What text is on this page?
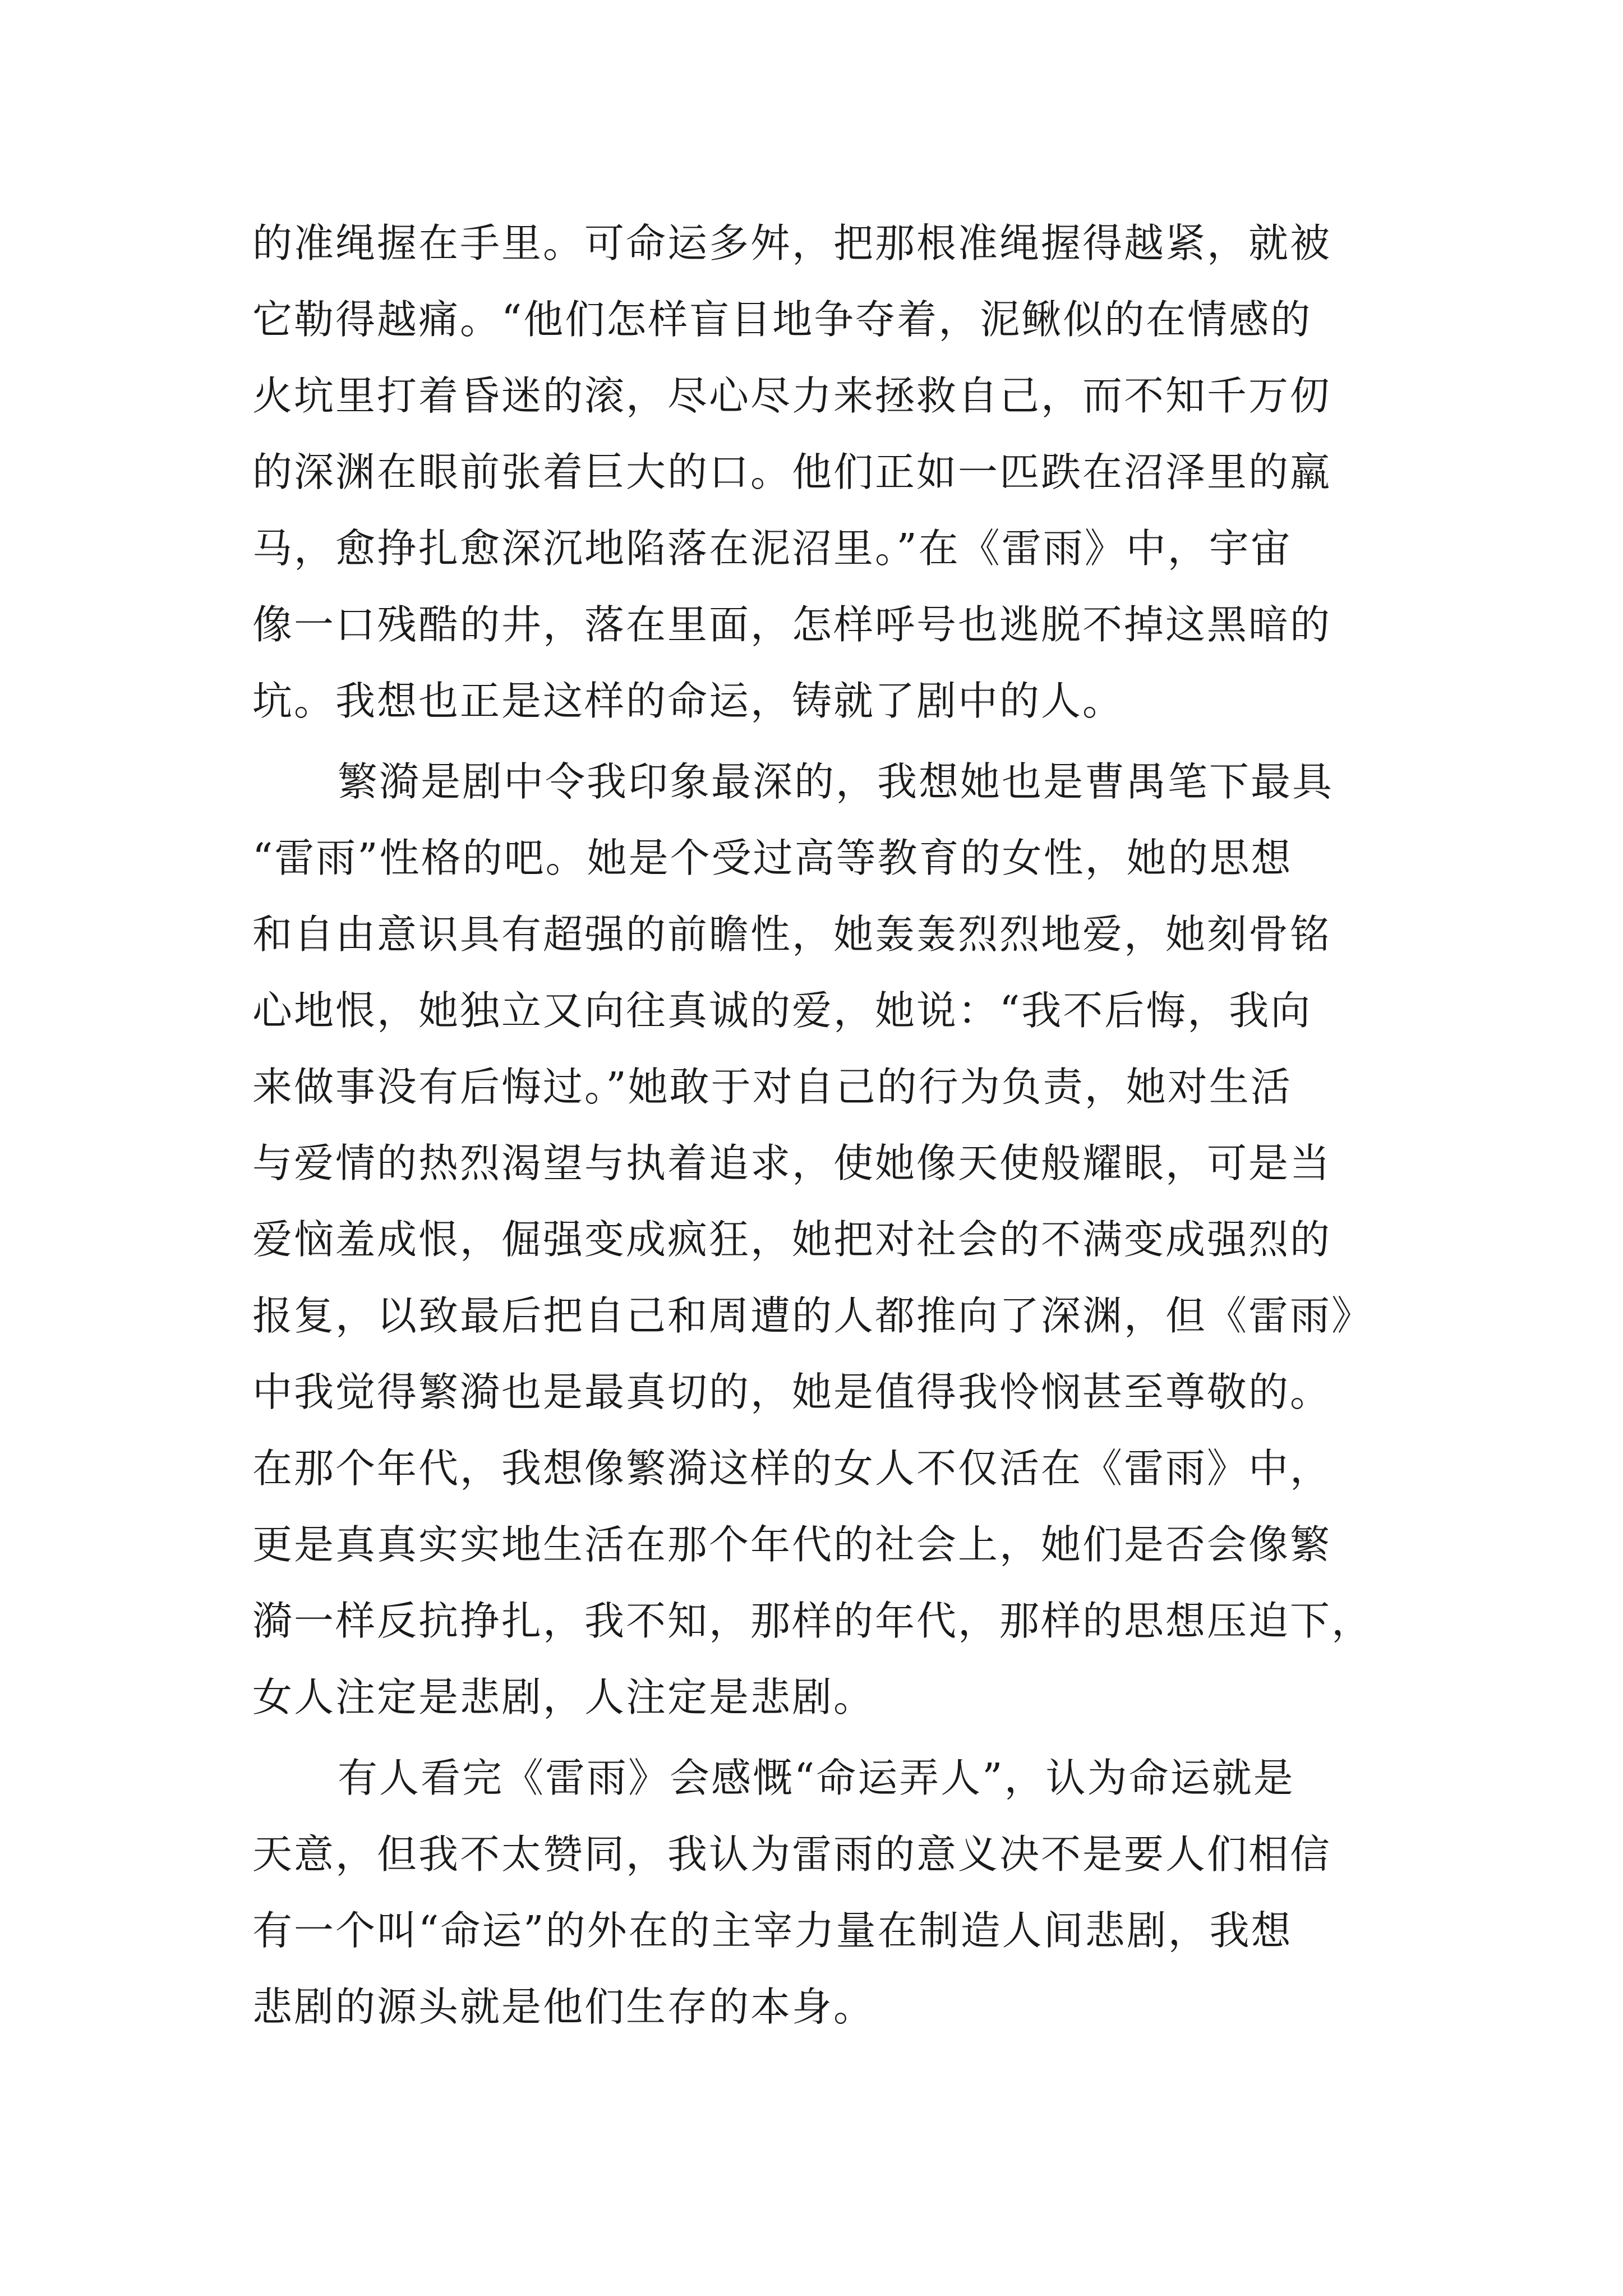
的准绳握在手里。可命运多舛，把那根准绳握得越紧，就被
它勒得越痛。“他们怎样盲目地争夺着，泥鳅似的在情感的
火坑里打着昏迷的滚，尽心尽力来拯救自己，而不知千万仞
的深渊在眼前张着巨大的口。他们正如一匹跌在沼泽里的羸
马，愈挣扎愈深沉地陷落在泥沼里。”在《雷雨》中，宇宙
像一口残酷的井，落在里面，怎样呼号也逃脱不掉这黑暗的
坑。我想也正是这样的命运，铸就了剧中的人。
繁漪是剧中令我印象最深的，我想她也是曹禺笔下最具
“雷雨”性格的吧。她是个受过高等教育的女性，她的思想
和自由意识具有超强的前瞻性，她轰轰烈烈地爱，她刻骨铭
心地恨，她独立又向往真诚的爱，她说：“我不后悔，我向
来做事没有后悔过。”她敢于对自己的行为负责，她对生活
与爱情的热烈渴望与执着追求，使她像天使般耀眼，可是当
爱恼羞成恨，倔强变成疯狂，她把对社会的不满变成强烈的
报复，以致最后把自己和周遭的人都推向了深渊，但《雷雨》
中我觉得繁漪也是最真切的，她是值得我怜悯甚至尊敬的。
在那个年代，我想像繁漪这样的女人不仅活在《雷雨》中，
更是真真实实地生活在那个年代的社会上，她们是否会像繁
漪一样反抗挣扎，我不知，那样的年代，那样的思想压迫下，
女人注定是悲剧，人注定是悲剧。
有人看完《雷雨》会感慨“命运弄人”，认为命运就是
天意，但我不太赞同，我认为雷雨的意义决不是要人们相信
有一个叫“命运”的外在的主宰力量在制造人间悲剧，我想
悲剧的源头就是他们生存的本身。
